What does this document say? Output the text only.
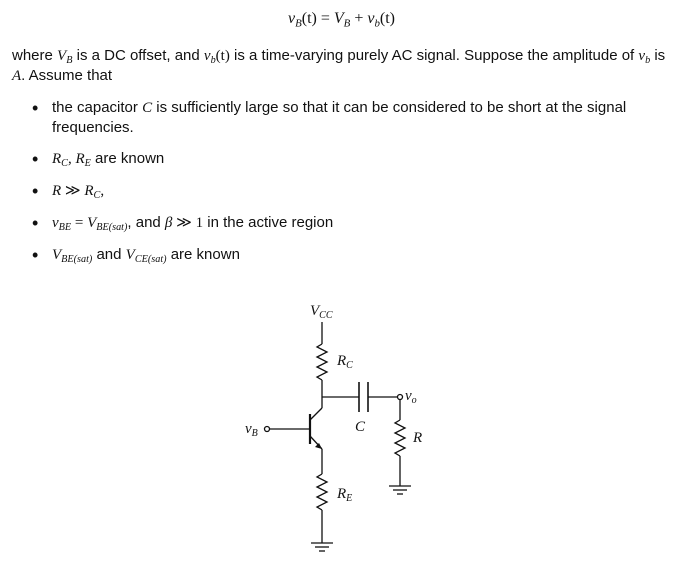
$v_B(t) = V_B + v_b(t)$
where $V_B$ is a DC offset, and $v_b(t)$ is a time-varying purely AC signal. Suppose the amplitude of $v_b$ is A. Assume that
• the capacitor C is sufficiently large so that it can be considered to be short at the signal frequencies.
• $R_C$, $R_E$ are known
• R ≫ $R_C$,
• $v_{BE} = V_{BE(sat)}$, and β ≫ 1 in the active region
• $V_{BE(sat)}$ and $V_{CE(sat)}$ are known
$V_{CC}$
$R_C$
C
$v_o$
R
$v_B$
$R_E$
